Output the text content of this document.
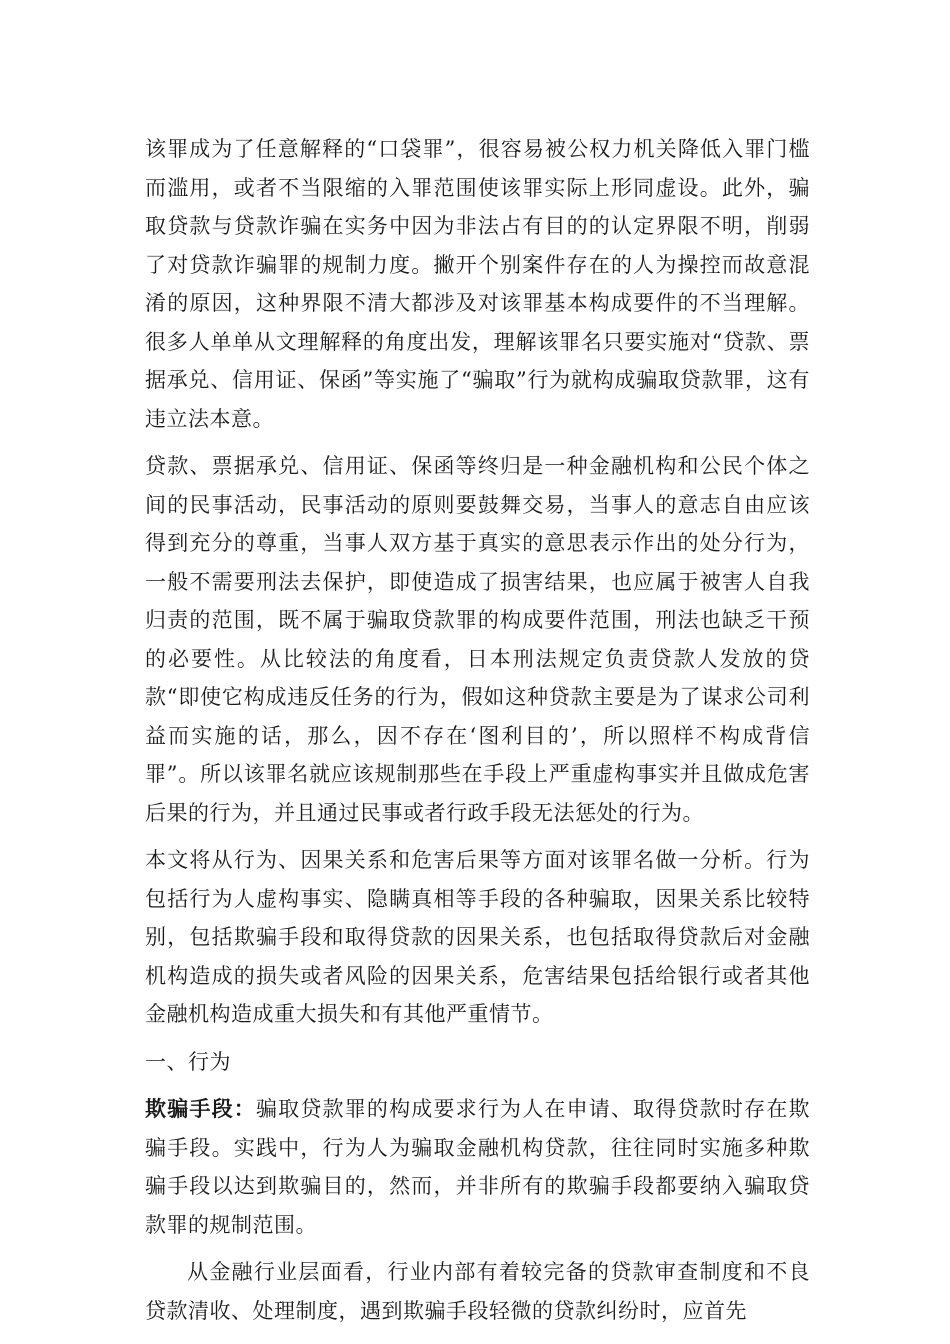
该罪成为了任意解释的“口袋罪”，很容易被公权力机关降低入罪门槛而滥用，或者不当限缩的入罪范围使该罪实际上形同虚设。此外，骗取贷款与贷款诈骗在实务中因为非法占有目的的认定界限不明，削弱了对贷款诈骗罪的规制力度。撇开个别案件存在的人为操控而故意混淆的原因，这种界限不清大都涉及对该罪基本构成要件的不当理解。很多人单单从文理解释的角度出发，理解该罪名只要实施对“贷款、票据承兑、信用证、保函”等实施了“骗取”行为就构成骗取贷款罪，这有违立法本意。

贷款、票据承兑、信用证、保函等终归是一种金融机构和公民个体之间的民事活动，民事活动的原则要鼓舞交易，当事人的意志自由应该得到充分的尊重，当事人双方基于真实的意思表示作出的处分行为，一般不需要刑法去保护，即使造成了损害结果，也应属于被害人自我归责的范围，既不属于骗取贷款罪的构成要件范围，刑法也缺乏干预的必要性。从比较法的角度看，日本刑法规定负责贷款人发放的贷款“即使它构成违反任务的行为，假如这种贷款主要是为了谋求公司利益而实施的话，那么，因不存在‘图利目的’，所以照样不构成背信罪”。所以该罪名就应该规制那些在手段上严重虚构事实并且做成危害后果的行为，并且通过民事或者行政手段无法惩处的行为。

本文将从行为、因果关系和危害后果等方面对该罪名做一分析。行为包括行为人虚构事实、隐瞒真相等手段的各种骗取，因果关系比较特别，包括欺骗手段和取得贷款的因果关系，也包括取得贷款后对金融机构造成的损失或者风险的因果关系，危害结果包括给银行或者其他金融机构造成重大损失和有其他严重情节。

一、行为

欺骗手段：骗取贷款罪的构成要求行为人在申请、取得贷款时存在欺骗手段。实践中，行为人为骗取金融机构贷款，往往同时实施多种欺骗手段以达到欺骗目的，然而，并非所有的欺骗手段都要纳入骗取贷款罪的规制范围。

从金融行业层面看，行业内部有着较完备的贷款审查制度和不良贷款清收、处理制度，遇到欺骗手段轻微的贷款纠纷时，应首先
